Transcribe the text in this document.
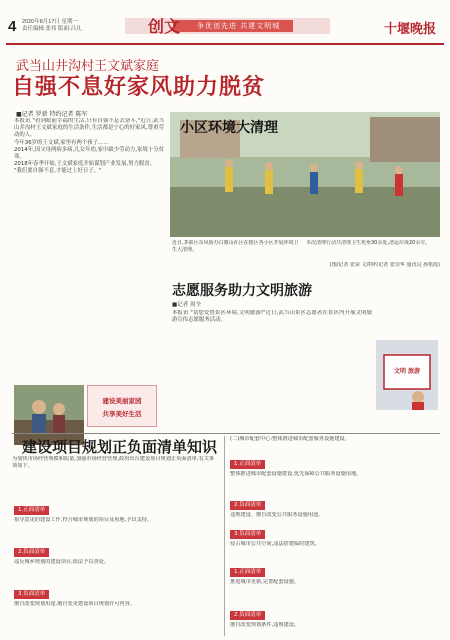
4 2020年8月17日 星期一
责任编辑:张伟 版面:吕凡	创文 争优创先进 共建文明城	十堰晚报
武当山井沟村王文斌家庭
自强不息好家风助力脱贫
■记者 罗新 特约记者 陈军

本报讯 "看到眼前幸福的生活,只有自强不息去奋斗,"近日,武当山井沟村王文斌家庭的生活条件,生活都是宁心的好家风,尊重劳动的人。

今年36岁的王文斌,家里有两个孩子……

2014年,因父母两病多病,儿女年幼,家中缺少劳动力,家境十分贫寒。

2018年春季开始,王文斌家庭开始谋划产业发展,努力脱贫。

"我们要自强不息,才能过上好日子。"

建设美丽家园
共享美好生活
小区环境大清理
近日,茅箭区东风街办白塘山社区在辖区各小区开展环境卫生大清理。
本次清理行动共清理卫生死角30余处,清运垃圾20余车。
(图/记者 张荣 文/特约记者 张崇华 通讯员 孙艳霞)
志愿服务助力文明旅游
■记者 周全
本报讯 "请您爱惜景区环境,文明旅游!"近日,武当山景区志愿者在景区内开展文明旅游宣传志愿服务活动。
文明 旅游
建设项目规划正负面清单知识
为加快市场经营规模和质量,加强市场经营管理,政府出台建设项目规划正负面清单,有关事项如下。
1.正面清单
指导意见的建设工作,符合城市规划的项目及用地,予以支持。
2.负面清单
违反城乡规划的建设项目,依法予以查处。
3.负面清单
擅自改变规划用途,擅自变更建设项目规划许可内容。
(二)城市配套中心:整体推进城市配套服务设施建设。
1.正面清单
整体推进城市配套设施建设,优先保障公共服务设施用地。
2.负面清单
违规建设、擅自改变公共服务设施用途。
3.负面清单
侵占城市公共空间,违法搭建临时建筑。
1.正面清单
推进城市更新,完善配套设施。
2.负面清单
擅自改变规划条件,违规建设。
